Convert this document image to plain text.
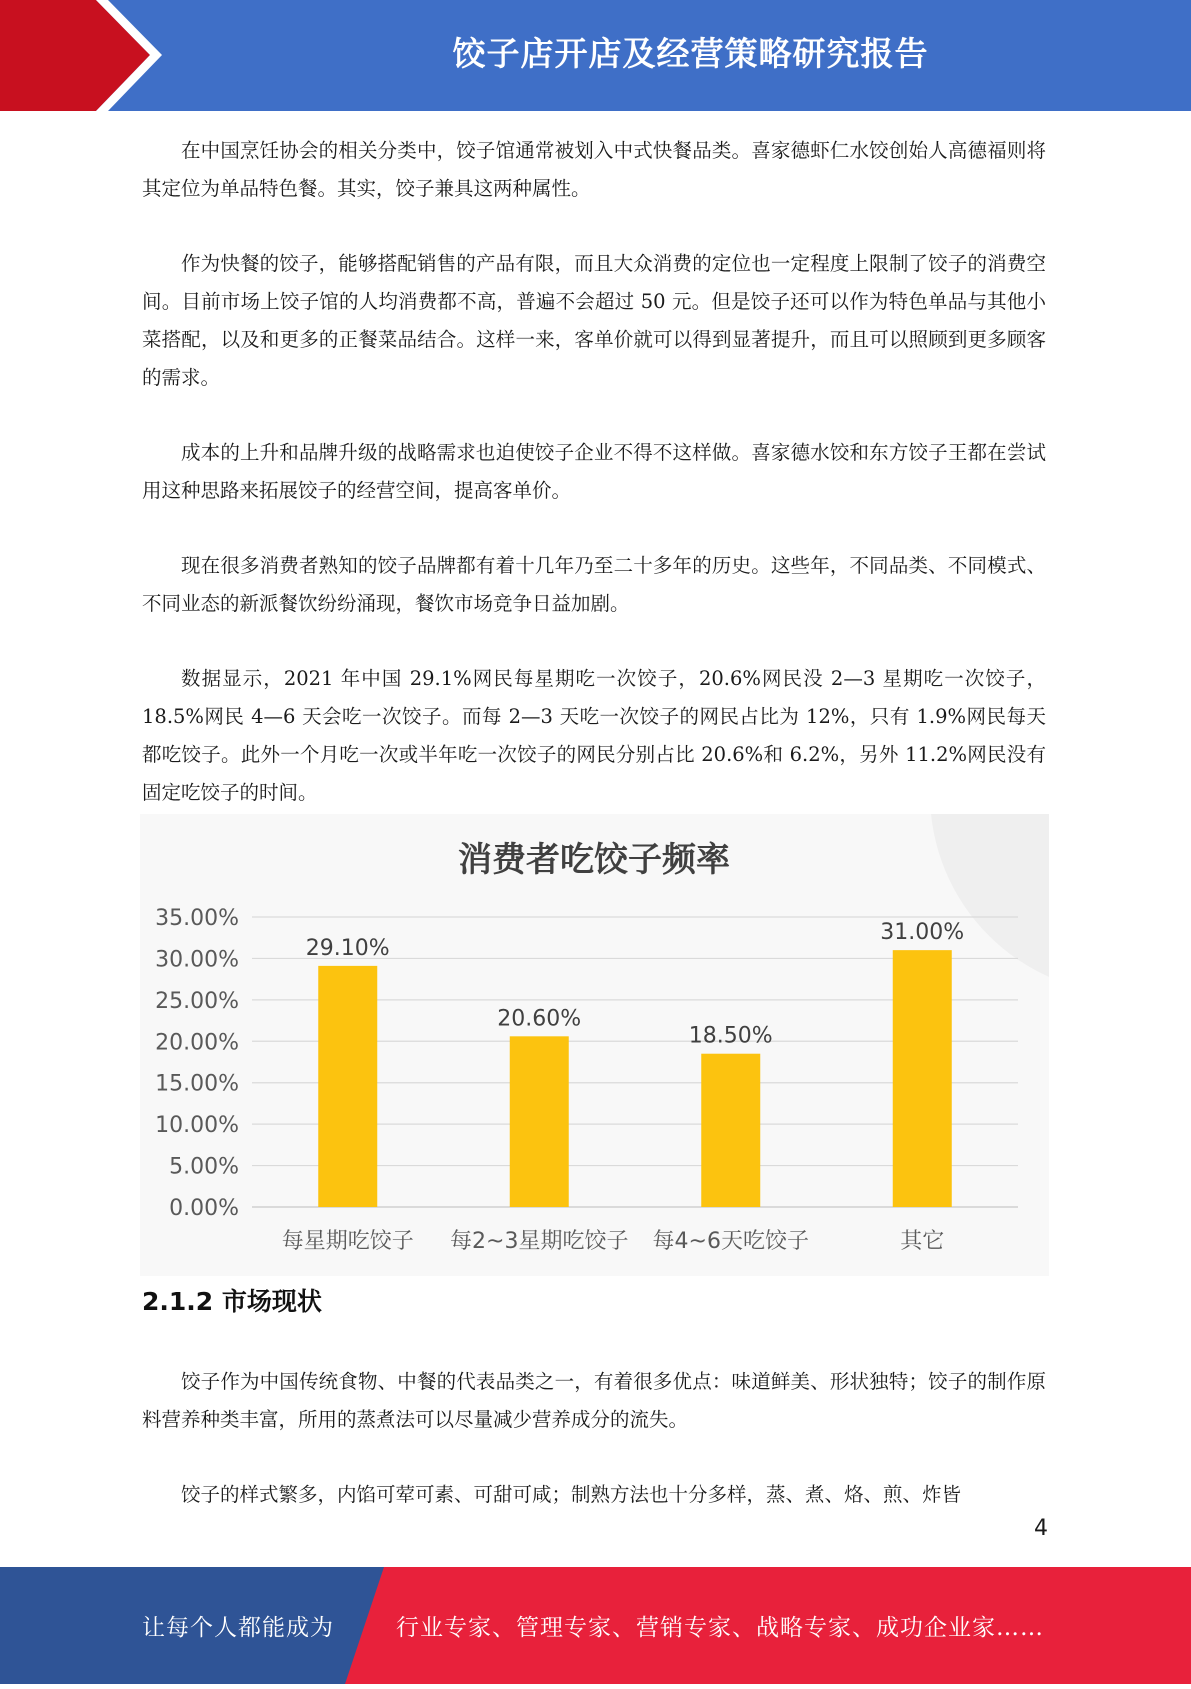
饺子店开店及经营策略研究报告

在中国烹饪协会的相关分类中，饺子馆通常被划入中式快餐品类。喜家德虾仁水饺创始人高德福则将其定位为单品特色餐。其实，饺子兼具这两种属性。

作为快餐的饺子，能够搭配销售的产品有限，而且大众消费的定位也一定程度上限制了饺子的消费空间。目前市场上饺子馆的人均消费都不高，普遍不会超过 50 元。但是饺子还可以作为特色单品与其他小菜搭配，以及和更多的正餐菜品结合。这样一来，客单价就可以得到显著提升，而且可以照顾到更多顾客的需求。

成本的上升和品牌升级的战略需求也迫使饺子企业不得不这样做。喜家德水饺和东方饺子王都在尝试用这种思路来拓展饺子的经营空间，提高客单价。

现在很多消费者熟知的饺子品牌都有着十几年乃至二十多年的历史。这些年，不同品类、不同模式、不同业态的新派餐饮纷纷涌现，餐饮市场竞争日益加剧。

数据显示，2021 年中国 29.1%网民每星期吃一次饺子，20.6%网民没 2—3 星期吃一次饺子，18.5%网民 4—6 天会吃一次饺子。而每 2—3 天吃一次饺子的网民占比为 12%，只有 1.9%网民每天都吃饺子。此外一个月吃一次或半年吃一次饺子的网民分别占比 20.6%和 6.2%，另外 11.2%网民没有固定吃饺子的时间。

消费者吃饺子频率
0.00%
5.00%
10.00%
15.00%
20.00%
25.00%
30.00%
35.00%
29.10%
20.60%
18.50%
31.00%
每星期吃饺子 每2~3星期吃饺子 每4~6天吃饺子	其它
2.1.2 市场现状

饺子作为中国传统食物、中餐的代表品类之一，有着很多优点：味道鲜美、形状独特；饺子的制作原料营养种类丰富，所用的蒸煮法可以尽量减少营养成分的流失。

饺子的样式繁多，内馅可荤可素、可甜可咸；制熟方法也十分多样，蒸、煮、烙、煎、炸皆

4
让每个人都能成为	行业专家、管理专家、营销专家、战略专家、成功企业家……
